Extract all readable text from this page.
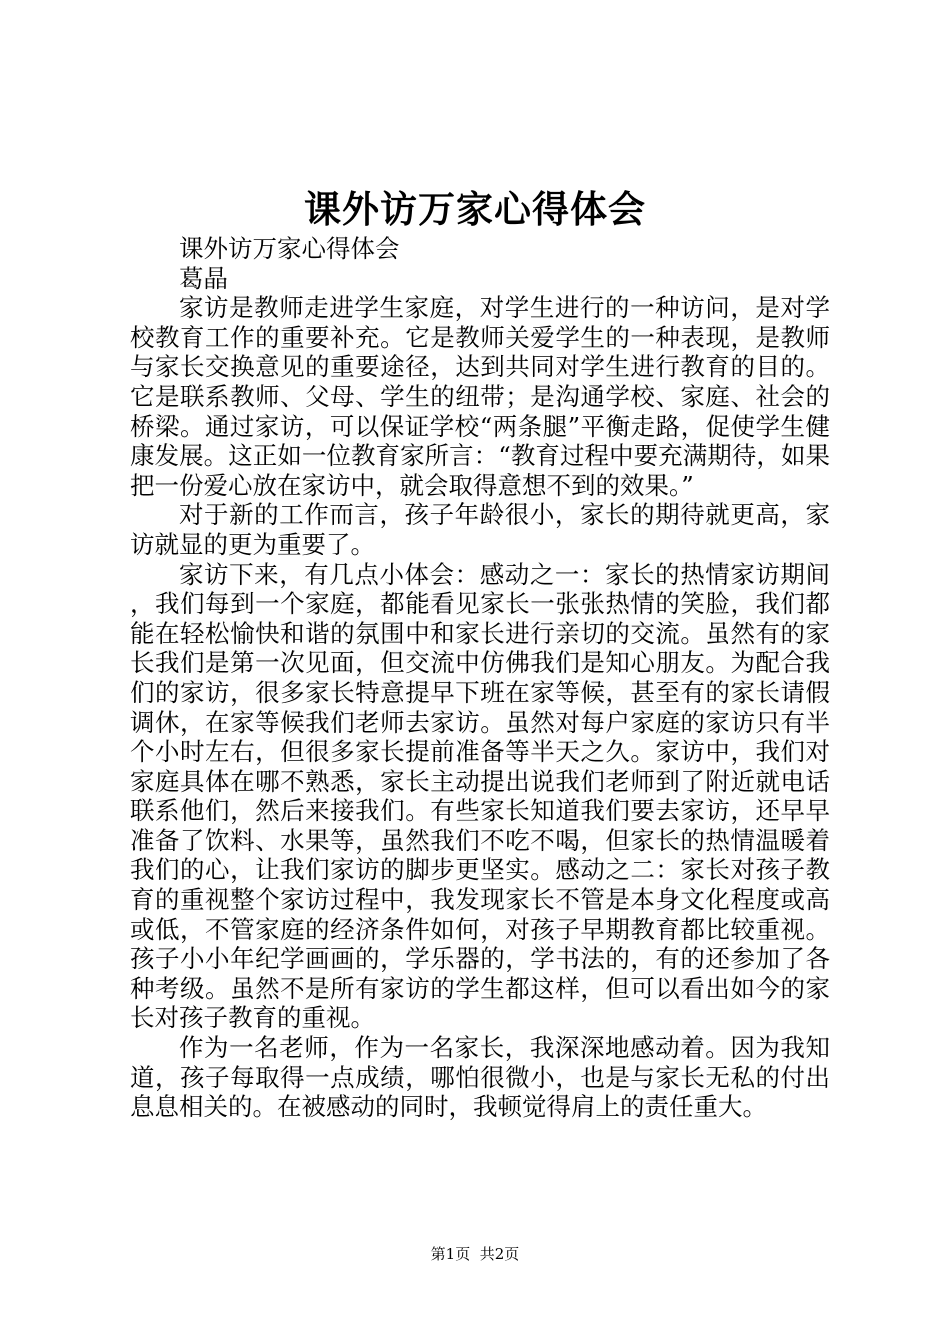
课外访万家心得体会

课外访万家心得体会

葛晶

家访是教师走进学生家庭，对学生进行的一种访问，是对学校教育工作的重要补充。它是教师关爱学生的一种表现，是教师与家长交换意见的重要途径，达到共同对学生进行教育的目的。它是联系教师、父母、学生的纽带；是沟通学校、家庭、社会的桥梁。通过家访，可以保证学校“两条腿”平衡走路，促使学生健康发展。这正如一位教育家所言：“教育过程中要充满期待，如果把一份爱心放在家访中，就会取得意想不到的效果。”

对于新的工作而言，孩子年龄很小，家长的期待就更高，家访就显的更为重要了。

家访下来，有几点小体会：感动之一：家长的热情家访期间，我们每到一个家庭，都能看见家长一张张热情的笑脸，我们都能在轻松愉快和谐的氛围中和家长进行亲切的交流。虽然有的家长我们是第一次见面，但交流中仿佛我们是知心朋友。为配合我们的家访，很多家长特意提早下班在家等候，甚至有的家长请假调休，在家等候我们老师去家访。虽然对每户家庭的家访只有半个小时左右，但很多家长提前准备等半天之久。家访中，我们对家庭具体在哪不熟悉，家长主动提出说我们老师到了附近就电话联系他们，然后来接我们。有些家长知道我们要去家访，还早早准备了饮料、水果等，虽然我们不吃不喝，但家长的热情温暖着我们的心，让我们家访的脚步更坚实。感动之二：家长对孩子教育的重视整个家访过程中，我发现家长不管是本身文化程度或高或低，不管家庭的经济条件如何，对孩子早期教育都比较重视。孩子小小年纪学画画的，学乐器的，学书法的，有的还参加了各种考级。虽然不是所有家访的学生都这样，但可以看出如今的家长对孩子教育的重视。

作为一名老师，作为一名家长，我深深地感动着。因为我知道，孩子每取得一点成绩，哪怕很微小，也是与家长无私的付出息息相关的。在被感动的同时，我顿觉得肩上的责任重大。

第1页 共2页
